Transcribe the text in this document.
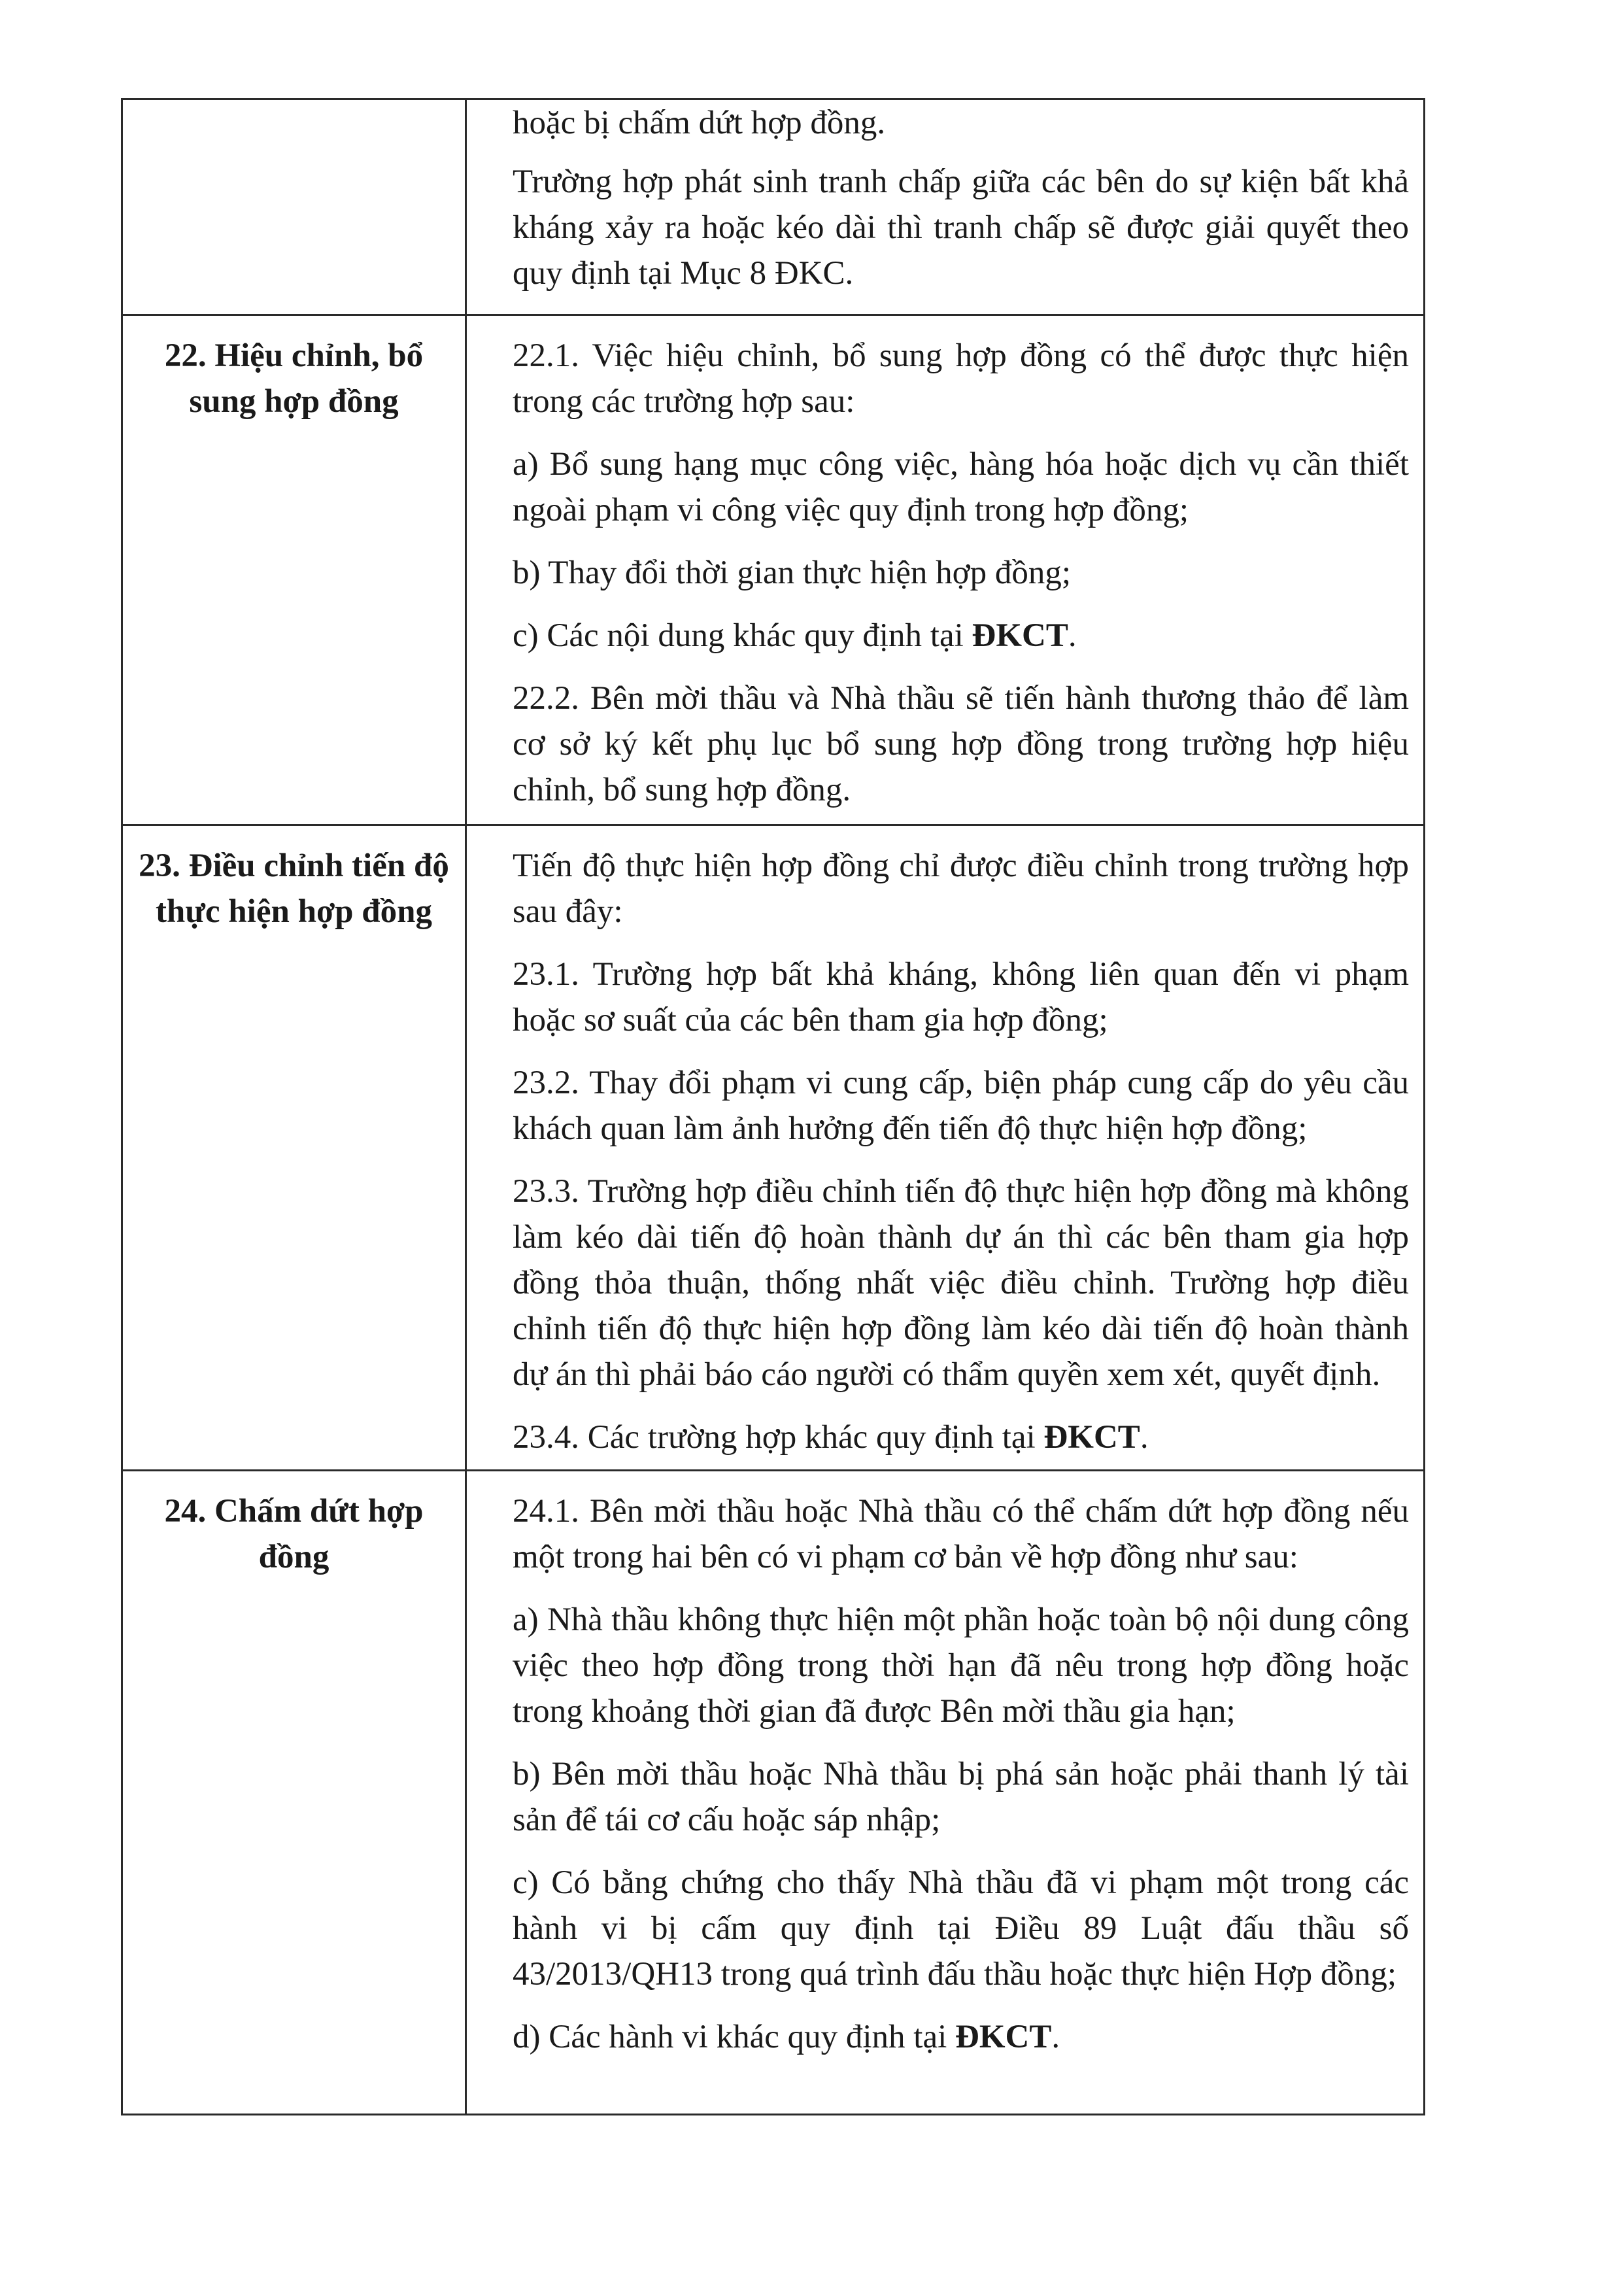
	hoặc bị chấm dứt hợp đồng.

Trường hợp phát sinh tranh chấp giữa các bên do sự kiện bất khả kháng xảy ra hoặc kéo dài thì tranh chấp sẽ được giải quyết theo quy định tại Mục 8 ĐKC.

22. Hiệu chỉnh, bổ sung hợp đồng	22.1. Việc hiệu chỉnh, bổ sung hợp đồng có thể được thực hiện trong các trường hợp sau:

a) Bổ sung hạng mục công việc, hàng hóa hoặc dịch vụ cần thiết ngoài phạm vi công việc quy định trong hợp đồng;

b) Thay đổi thời gian thực hiện hợp đồng;

c) Các nội dung khác quy định tại ĐKCT.

22.2. Bên mời thầu và Nhà thầu sẽ tiến hành thương thảo để làm cơ sở ký kết phụ lục bổ sung hợp đồng trong trường hợp hiệu chỉnh, bổ sung hợp đồng.

23. Điều chỉnh tiến độ thực hiện hợp đồng	Tiến độ thực hiện hợp đồng chỉ được điều chỉnh trong trường hợp sau đây:

23.1. Trường hợp bất khả kháng, không liên quan đến vi phạm hoặc sơ suất của các bên tham gia hợp đồng;

23.2. Thay đổi phạm vi cung cấp, biện pháp cung cấp do yêu cầu khách quan làm ảnh hưởng đến tiến độ thực hiện hợp đồng;

23.3. Trường hợp điều chỉnh tiến độ thực hiện hợp đồng mà không làm kéo dài tiến độ hoàn thành dự án thì các bên tham gia hợp đồng thỏa thuận, thống nhất việc điều chỉnh. Trường hợp điều chỉnh tiến độ thực hiện hợp đồng làm kéo dài tiến độ hoàn thành dự án thì phải báo cáo người có thẩm quyền xem xét, quyết định.

23.4. Các trường hợp khác quy định tại ĐKCT.

24. Chấm dứt hợp đồng	24.1. Bên mời thầu hoặc Nhà thầu có thể chấm dứt hợp đồng nếu một trong hai bên có vi phạm cơ bản về hợp đồng như sau:

a) Nhà thầu không thực hiện một phần hoặc toàn bộ nội dung công việc theo hợp đồng trong thời hạn đã nêu trong hợp đồng hoặc trong khoảng thời gian đã được Bên mời thầu gia hạn;

b) Bên mời thầu hoặc Nhà thầu bị phá sản hoặc phải thanh lý tài sản để tái cơ cấu hoặc sáp nhập;

c) Có bằng chứng cho thấy Nhà thầu đã vi phạm một trong các hành vi bị cấm quy định tại Điều 89 Luật đấu thầu số 43/2013/QH13 trong quá trình đấu thầu hoặc thực hiện Hợp đồng;

d) Các hành vi khác quy định tại ĐKCT.
